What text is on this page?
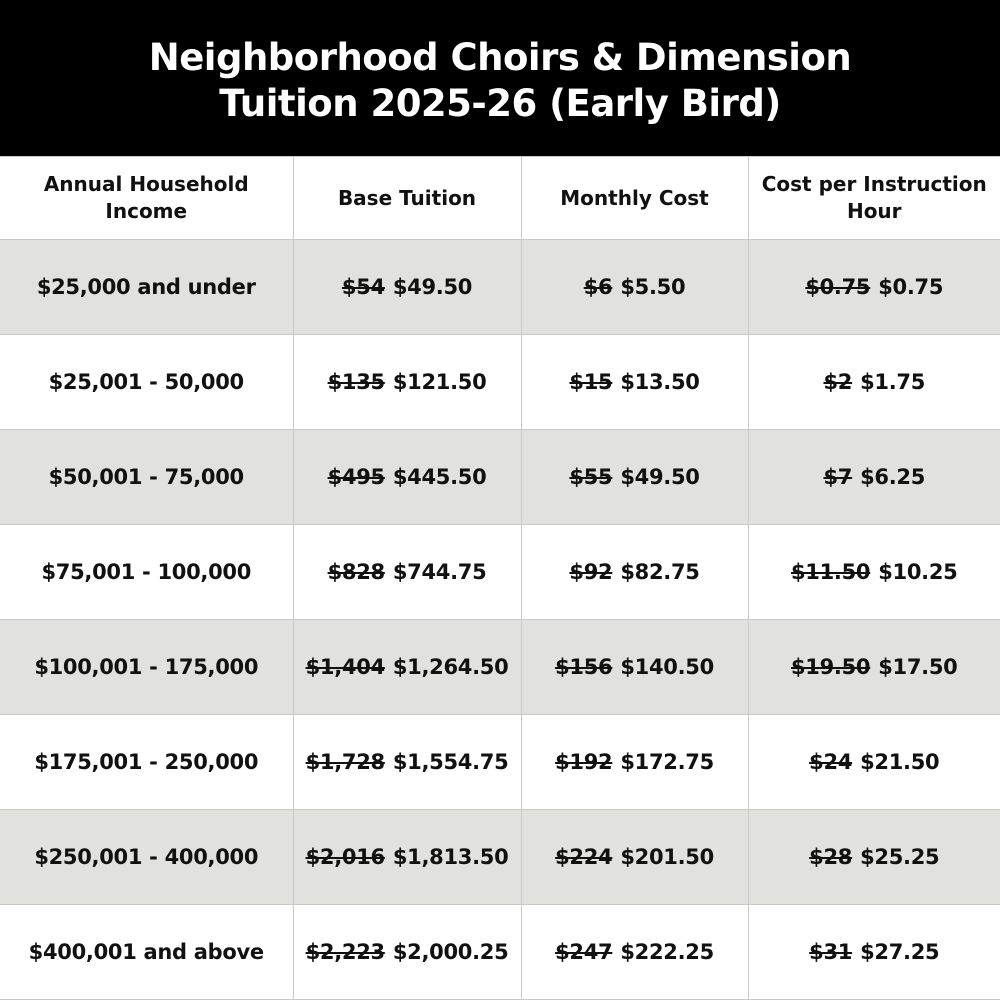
Neighborhood Choirs & Dimension
Tuition 2025-26 (Early Bird)
Annual Household Income	Base Tuition	Monthly Cost	Cost per Instruction Hour
$25,000 and under	$54 $49.50	$6 $5.50	$0.75 $0.75
$25,001 - 50,000	$135 $121.50	$15 $13.50	$2 $1.75
$50,001 - 75,000	$495 $445.50	$55 $49.50	$7 $6.25
$75,001 - 100,000	$828 $744.75	$92 $82.75	$11.50 $10.25
$100,001 - 175,000	$1,404 $1,264.50	$156 $140.50	$19.50 $17.50
$175,001 - 250,000	$1,728 $1,554.75	$192 $172.75	$24 $21.50
$250,001 - 400,000	$2,016 $1,813.50	$224 $201.50	$28 $25.25
$400,001 and above	$2,223 $2,000.25	$247 $222.25	$31 $27.25
